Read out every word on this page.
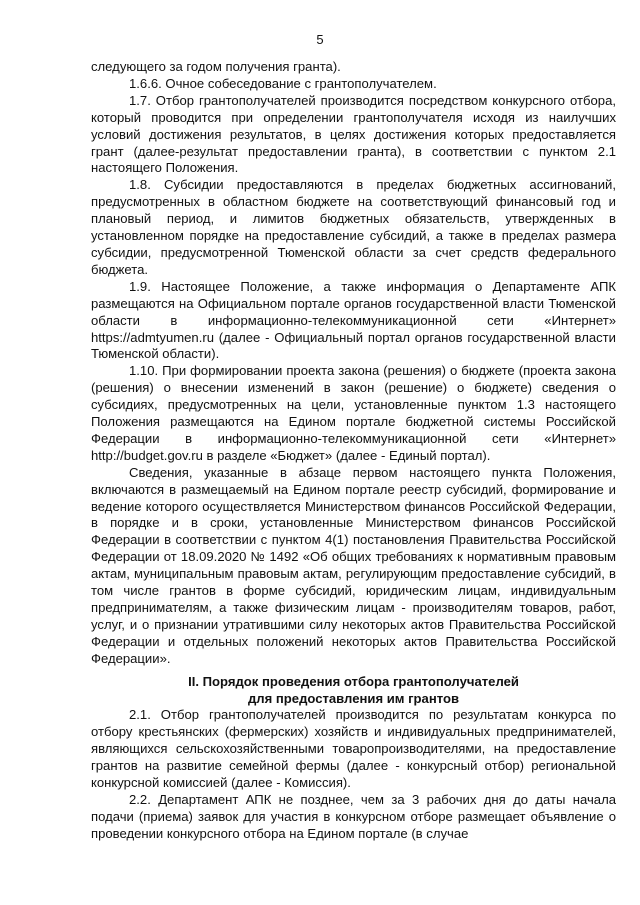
5

следующего за годом получения гранта).

1.6.6. Очное собеседование с грантополучателем.

1.7. Отбор грантополучателей производится посредством конкурсного отбора, который проводится при определении грантополучателя исходя из наилучших условий достижения результатов, в целях достижения которых предоставляется грант (далее-результат предоставлении гранта), в соответствии с пунктом 2.1 настоящего Положения.

1.8. Субсидии предоставляются в пределах бюджетных ассигнований, предусмотренных в областном бюджете на соответствующий финансовый год и плановый период, и лимитов бюджетных обязательств, утвержденных в установленном порядке на предоставление субсидий, а также в пределах размера субсидии, предусмотренной Тюменской области за счет средств федерального бюджета.

1.9. Настоящее Положение, а также информация о Департаменте АПК размещаются на Официальном портале органов государственной власти Тюменской области в информационно-телекоммуникационной сети «Интернет» https://admtyumen.ru (далее - Официальный портал органов государственной власти Тюменской области).

1.10. При формировании проекта закона (решения) о бюджете (проекта закона (решения) о внесении изменений в закон (решение) о бюджете) сведения о субсидиях, предусмотренных на цели, установленные пунктом 1.3 настоящего Положения размещаются на Едином портале бюджетной системы Российской Федерации в информационно-телекоммуникационной сети «Интернет» http://budget.gov.ru в разделе «Бюджет» (далее - Единый портал).

Сведения, указанные в абзаце первом настоящего пункта Положения, включаются в размещаемый на Едином портале реестр субсидий, формирование и ведение которого осуществляется Министерством финансов Российской Федерации, в порядке и в сроки, установленные Министерством финансов Российской Федерации в соответствии с пунктом 4(1) постановления Правительства Российской Федерации от 18.09.2020 № 1492 «Об общих требованиях к нормативным правовым актам, муниципальным правовым актам, регулирующим предоставление субсидий, в том числе грантов в форме субсидий, юридическим лицам, индивидуальным предпринимателям, а также физическим лицам - производителям товаров, работ, услуг, и о признании утратившими силу некоторых актов Правительства Российской Федерации и отдельных положений некоторых актов Правительства Российской Федерации».

II. Порядок проведения отбора грантополучателей
для предоставления им грантов

2.1. Отбор грантополучателей производится по результатам конкурса по отбору крестьянских (фермерских) хозяйств и индивидуальных предпринимателей, являющихся сельскохозяйственными товаропроизводителями, на предоставление грантов на развитие семейной фермы (далее - конкурсный отбор) региональной конкурсной комиссией (далее - Комиссия).

2.2. Департамент АПК не позднее, чем за 3 рабочих дня до даты начала подачи (приема) заявок для участия в конкурсном отборе размещает объявление о проведении конкурсного отбора на Едином портале (в случае
